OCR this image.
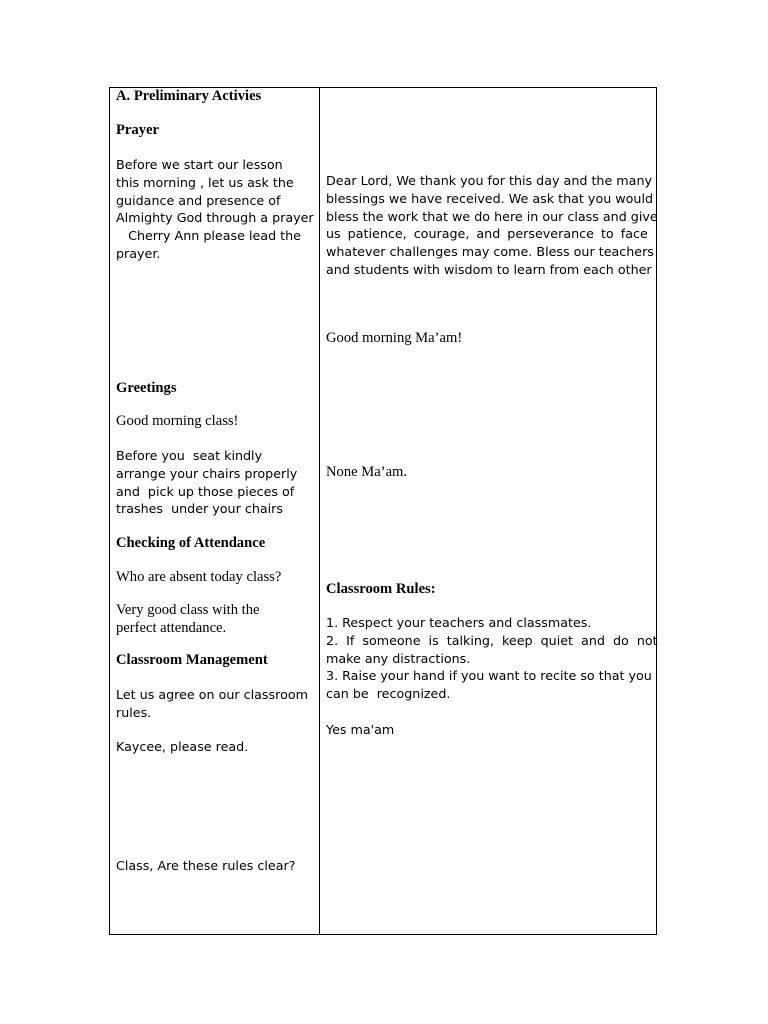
A. Preliminary Activies
Prayer
Before we start our lesson
this morning , let us ask the
guidance and presence of
Almighty God through a prayer
Cherry Ann please lead the
prayer.
Greetings
Good morning class!
Before you  seat kindly
arrange your chairs properly
and  pick up those pieces of
trashes  under your chairs
Checking of Attendance
Who are absent today class?
Very good class with the
perfect attendance.
Classroom Management
Let us agree on our classroom
rules.
Kaycee, please read.
Class, Are these rules clear?
Dear Lord, We thank you for this day and the many
blessings we have received. We ask that you would
bless the work that we do here in our class and give
us patience, courage, and perseverance to face
whatever challenges may come. Bless our teachers
and students with wisdom to learn from each other
Good morning Ma’am!
None Ma’am.
Classroom Rules:
1. Respect your teachers and classmates.
2. If someone is talking, keep quiet and do not
make any distractions.
3. Raise your hand if you want to recite so that you
can be  recognized.
Yes ma'am
